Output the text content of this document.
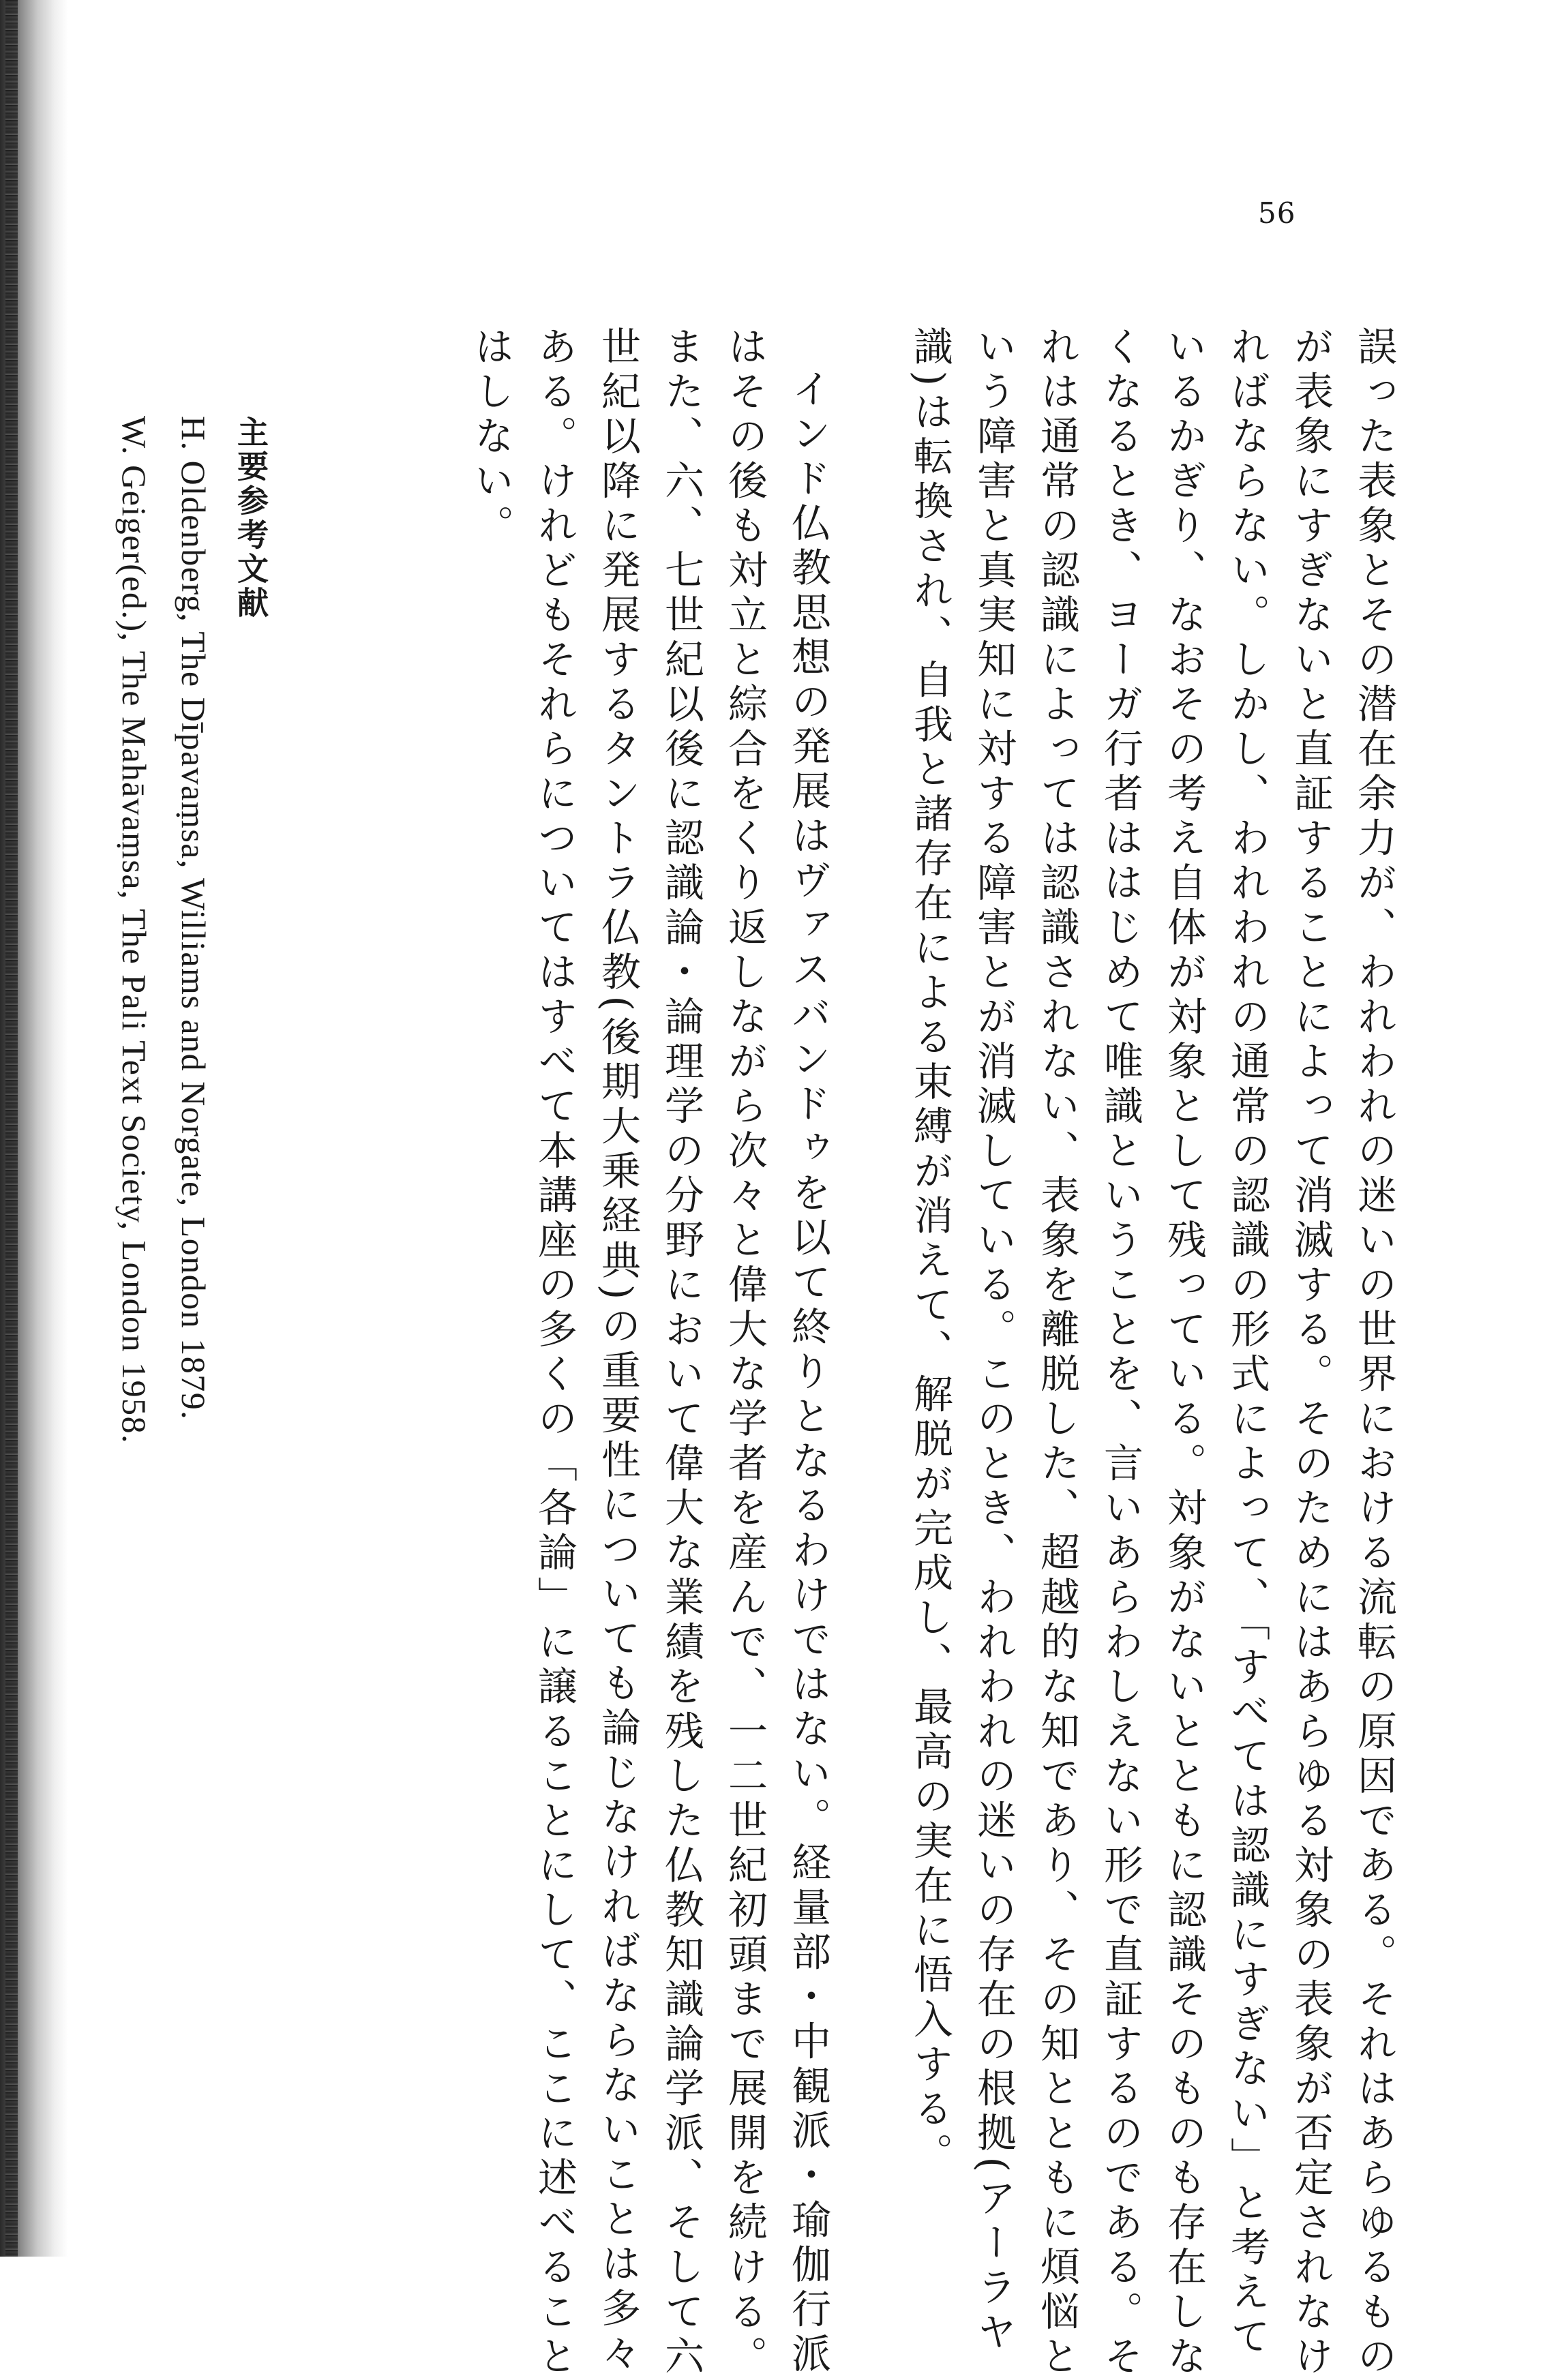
56
誤った表象とその潜在余力が、われわれの迷いの世界における流転の原因である。それはあらゆるもの
が表象にすぎないと直証することによって消滅する。そのためにはあらゆる対象の表象が否定されなけ
ればならない。しかし、われわれの通常の認識の形式によって、「すべては認識にすぎない」と考えて
いるかぎり、なおその考え自体が対象として残っている。対象がないとともに認識そのものも存在しな
くなるとき、ヨーガ行者ははじめて唯識ということを、言いあらわしえない形で直証するのである。そ
れは通常の認識によっては認識されない、表象を離脱した、超越的な知であり、その知とともに煩悩と
いう障害と真実知に対する障害とが消滅している。このとき、われわれの迷いの存在の根拠(アーラヤ
識)は転換され、自我と諸存在による束縛が消えて、解脱が完成し、最高の実在に悟入する。
インド仏教思想の発展はヴァスバンドゥを以て終りとなるわけではない。経量部・中観派・瑜伽行派
はその後も対立と綜合をくり返しながら次々と偉大な学者を産んで、一二世紀初頭まで展開を続ける。
また、六、七世紀以後に認識論・論理学の分野において偉大な業績を残した仏教知識論学派、そして六
世紀以降に発展するタントラ仏教(後期大乗経典)の重要性についても論じなければならないことは多々
ある。けれどもそれらについてはすべて本講座の多くの「各論」に譲ることにして、ここに述べること
はしない。
主要参考文献
H. Oldenberg, The Dīpavaṃsa, Williams and Norgate, London 1879.
W. Geiger(ed.), The Mahāvaṃsa, The Pali Text Society, London 1958.
